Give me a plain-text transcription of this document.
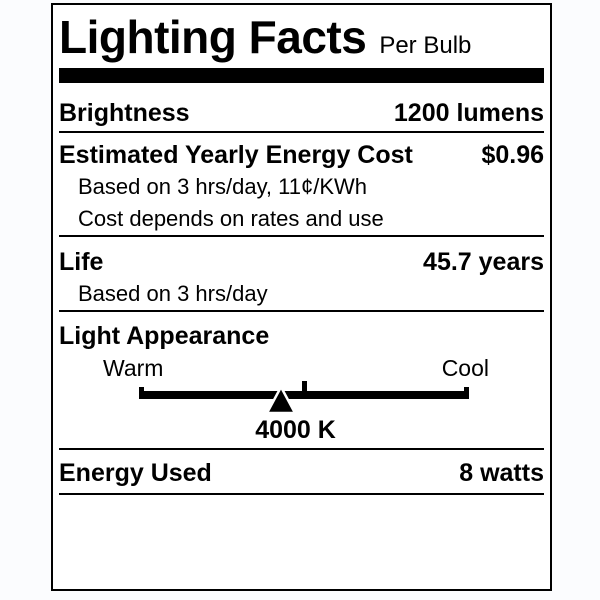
Lighting Facts Per Bulb
Brightness	1200 lumens
Estimated Yearly Energy Cost	$0.96
Based on 3 hrs/day, 11¢/KWh
Cost depends on rates and use
Life	45.7 years
Based on 3 hrs/day
Light Appearance
Warm	Cool
4000 K
Energy Used	8 watts
